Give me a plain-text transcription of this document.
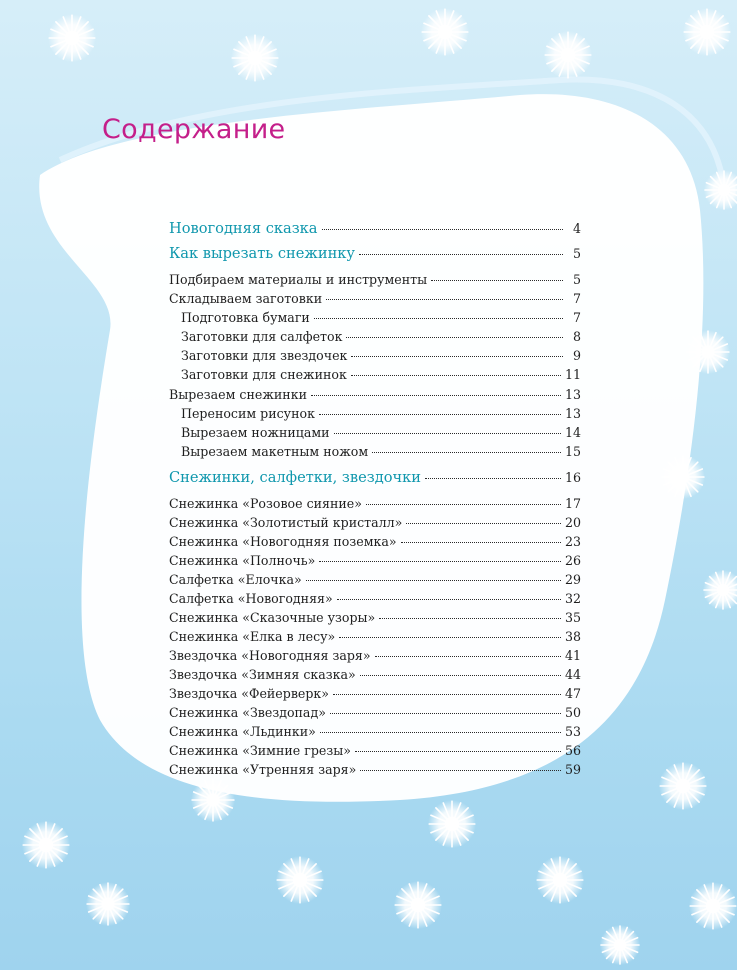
Содержание
Новогодняя сказка	4
Как вырезать снежинку	5
Подбираем материалы и инструменты	5
Складываем заготовки	7
Подготовка бумаги	7
Заготовки для салфеток	8
Заготовки для звездочек	9
Заготовки для снежинок	11
Вырезаем снежинки	13
Переносим рисунок	13
Вырезаем ножницами	14
Вырезаем макетным ножом	15
Снежинки, салфетки, звездочки	16
Снежинка «Розовое сияние»	17
Снежинка «Золотистый кристалл»	20
Снежинка «Новогодняя поземка»	23
Снежинка «Полночь»	26
Салфетка «Елочка»	29
Салфетка «Новогодняя»	32
Снежинка «Сказочные узоры»	35
Снежинка «Елка в лесу»	38
Звездочка «Новогодняя заря»	41
Звездочка «Зимняя сказка»	44
Звездочка «Фейерверк»	47
Снежинка «Звездопад»	50
Снежинка «Льдинки»	53
Снежинка «Зимние грезы»	56
Снежинка «Утренняя заря»	59
